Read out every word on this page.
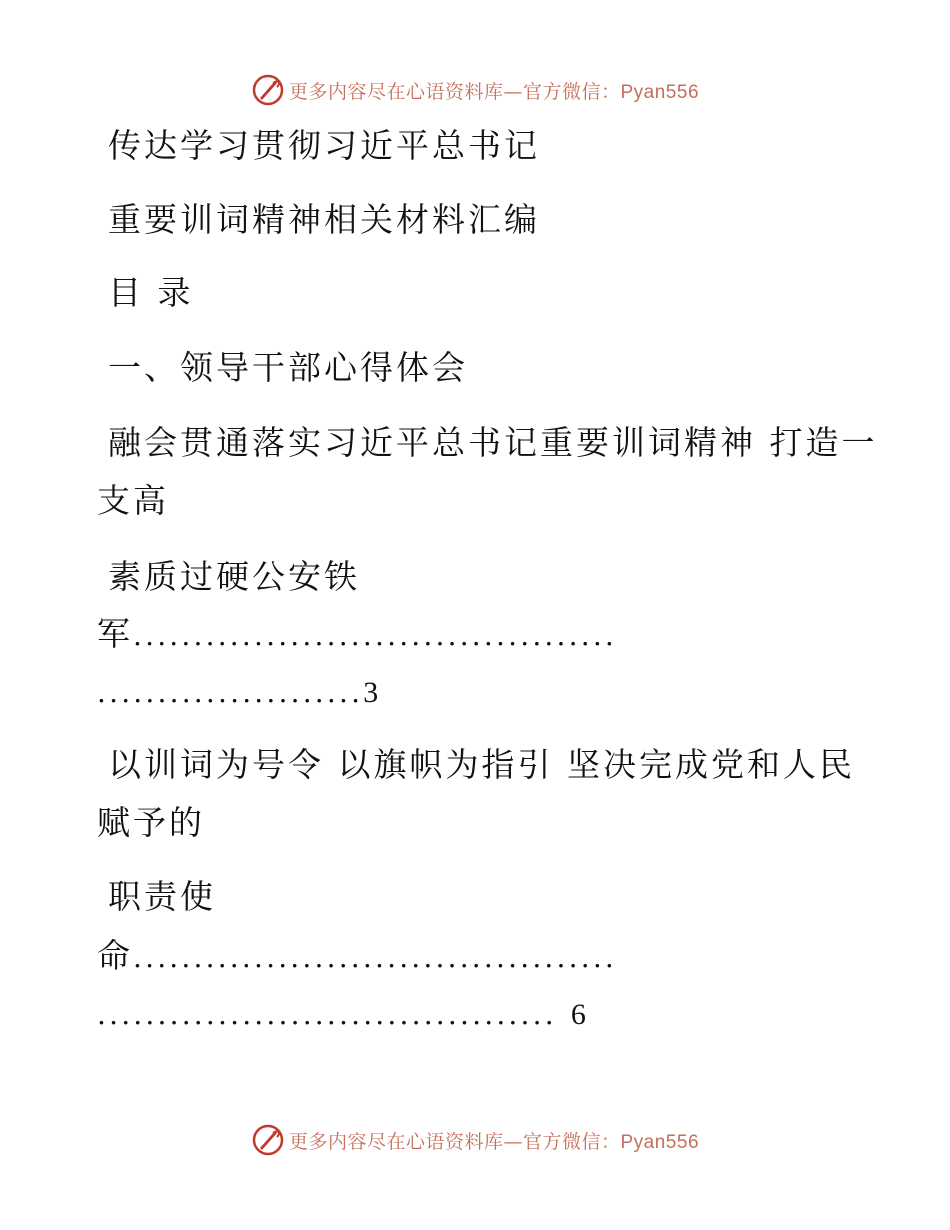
更多内容尽在心语资料库—官方微信：Pyan556
传达学习贯彻习近平总书记
重要训词精神相关材料汇编
目 录
一、领导干部心得体会
融会贯通落实习近平总书记重要训词精神 打造一
支高
素质过硬公安铁
军........................................
......................3
以训词为号令 以旗帜为指引 坚决完成党和人民
赋予的
职责使
命........................................
...................................... 6
更多内容尽在心语资料库—官方微信：Pyan556
